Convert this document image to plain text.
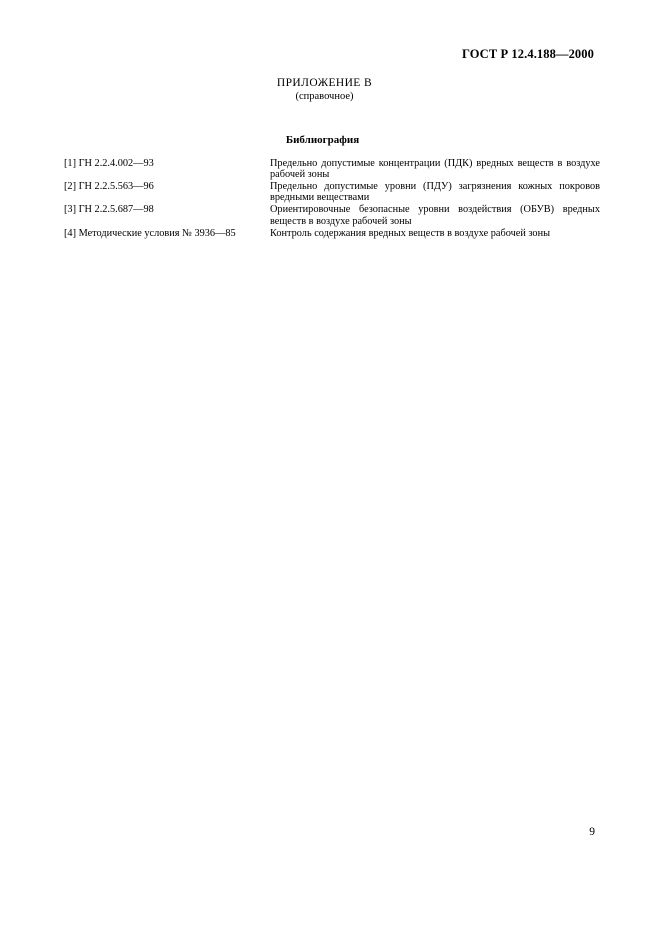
ГОСТ Р 12.4.188—2000
ПРИЛОЖЕНИЕ В
(справочное)
Библиография
[1] ГН 2.2.4.002—93	Предельно допустимые концентрации (ПДК) вредных веществ в воздухе рабочей зоны
[2] ГН 2.2.5.563—96	Предельно допустимые уровни (ПДУ) загрязнения кожных покровов вредными веществами
[3] ГН 2.2.5.687—98	Ориентировочные безопасные уровни воздействия (ОБУВ) вредных веществ в воздухе рабочей зоны
[4] Методические условия № 3936—85	Контроль содержания вредных веществ в воздухе рабочей зоны
9
